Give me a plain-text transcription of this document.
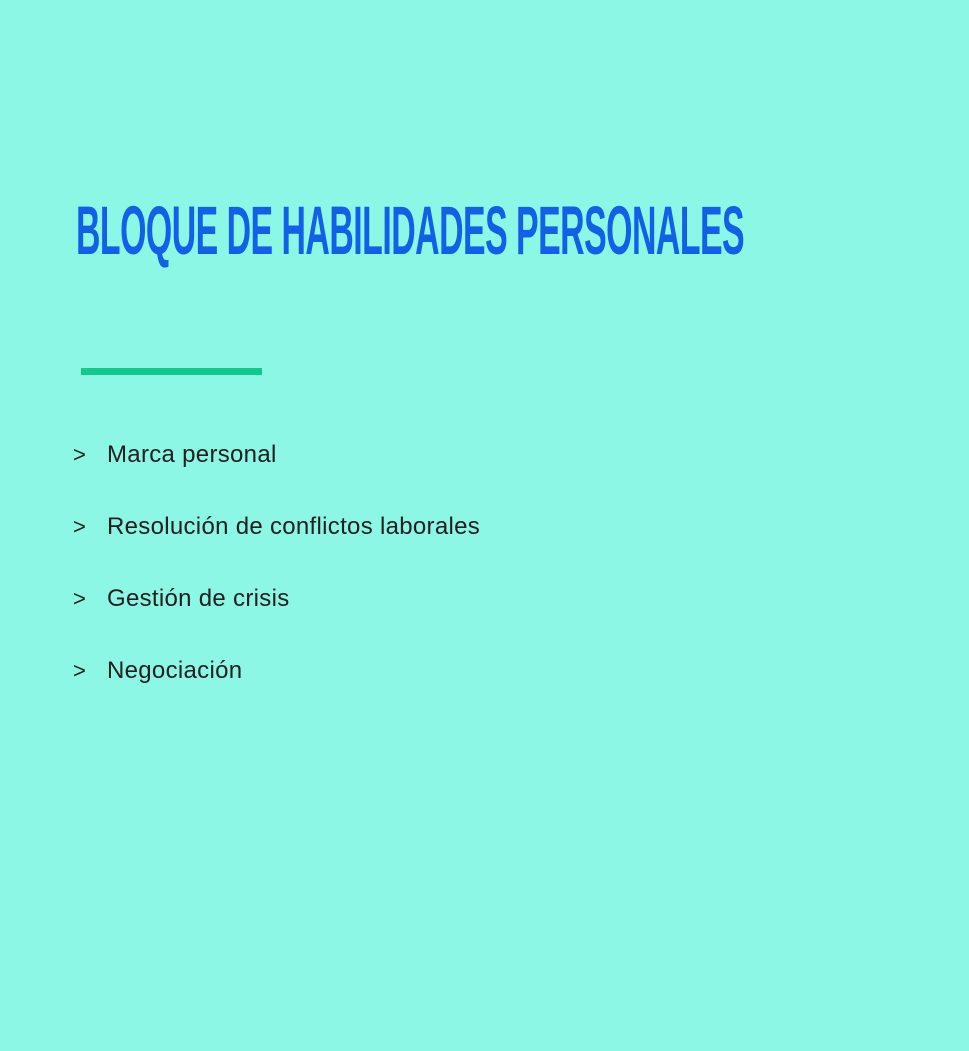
BLOQUE DE HABILIDADES PERSONALES
> Marca personal
> Resolución de conflictos laborales
> Gestión de crisis
> Negociación
